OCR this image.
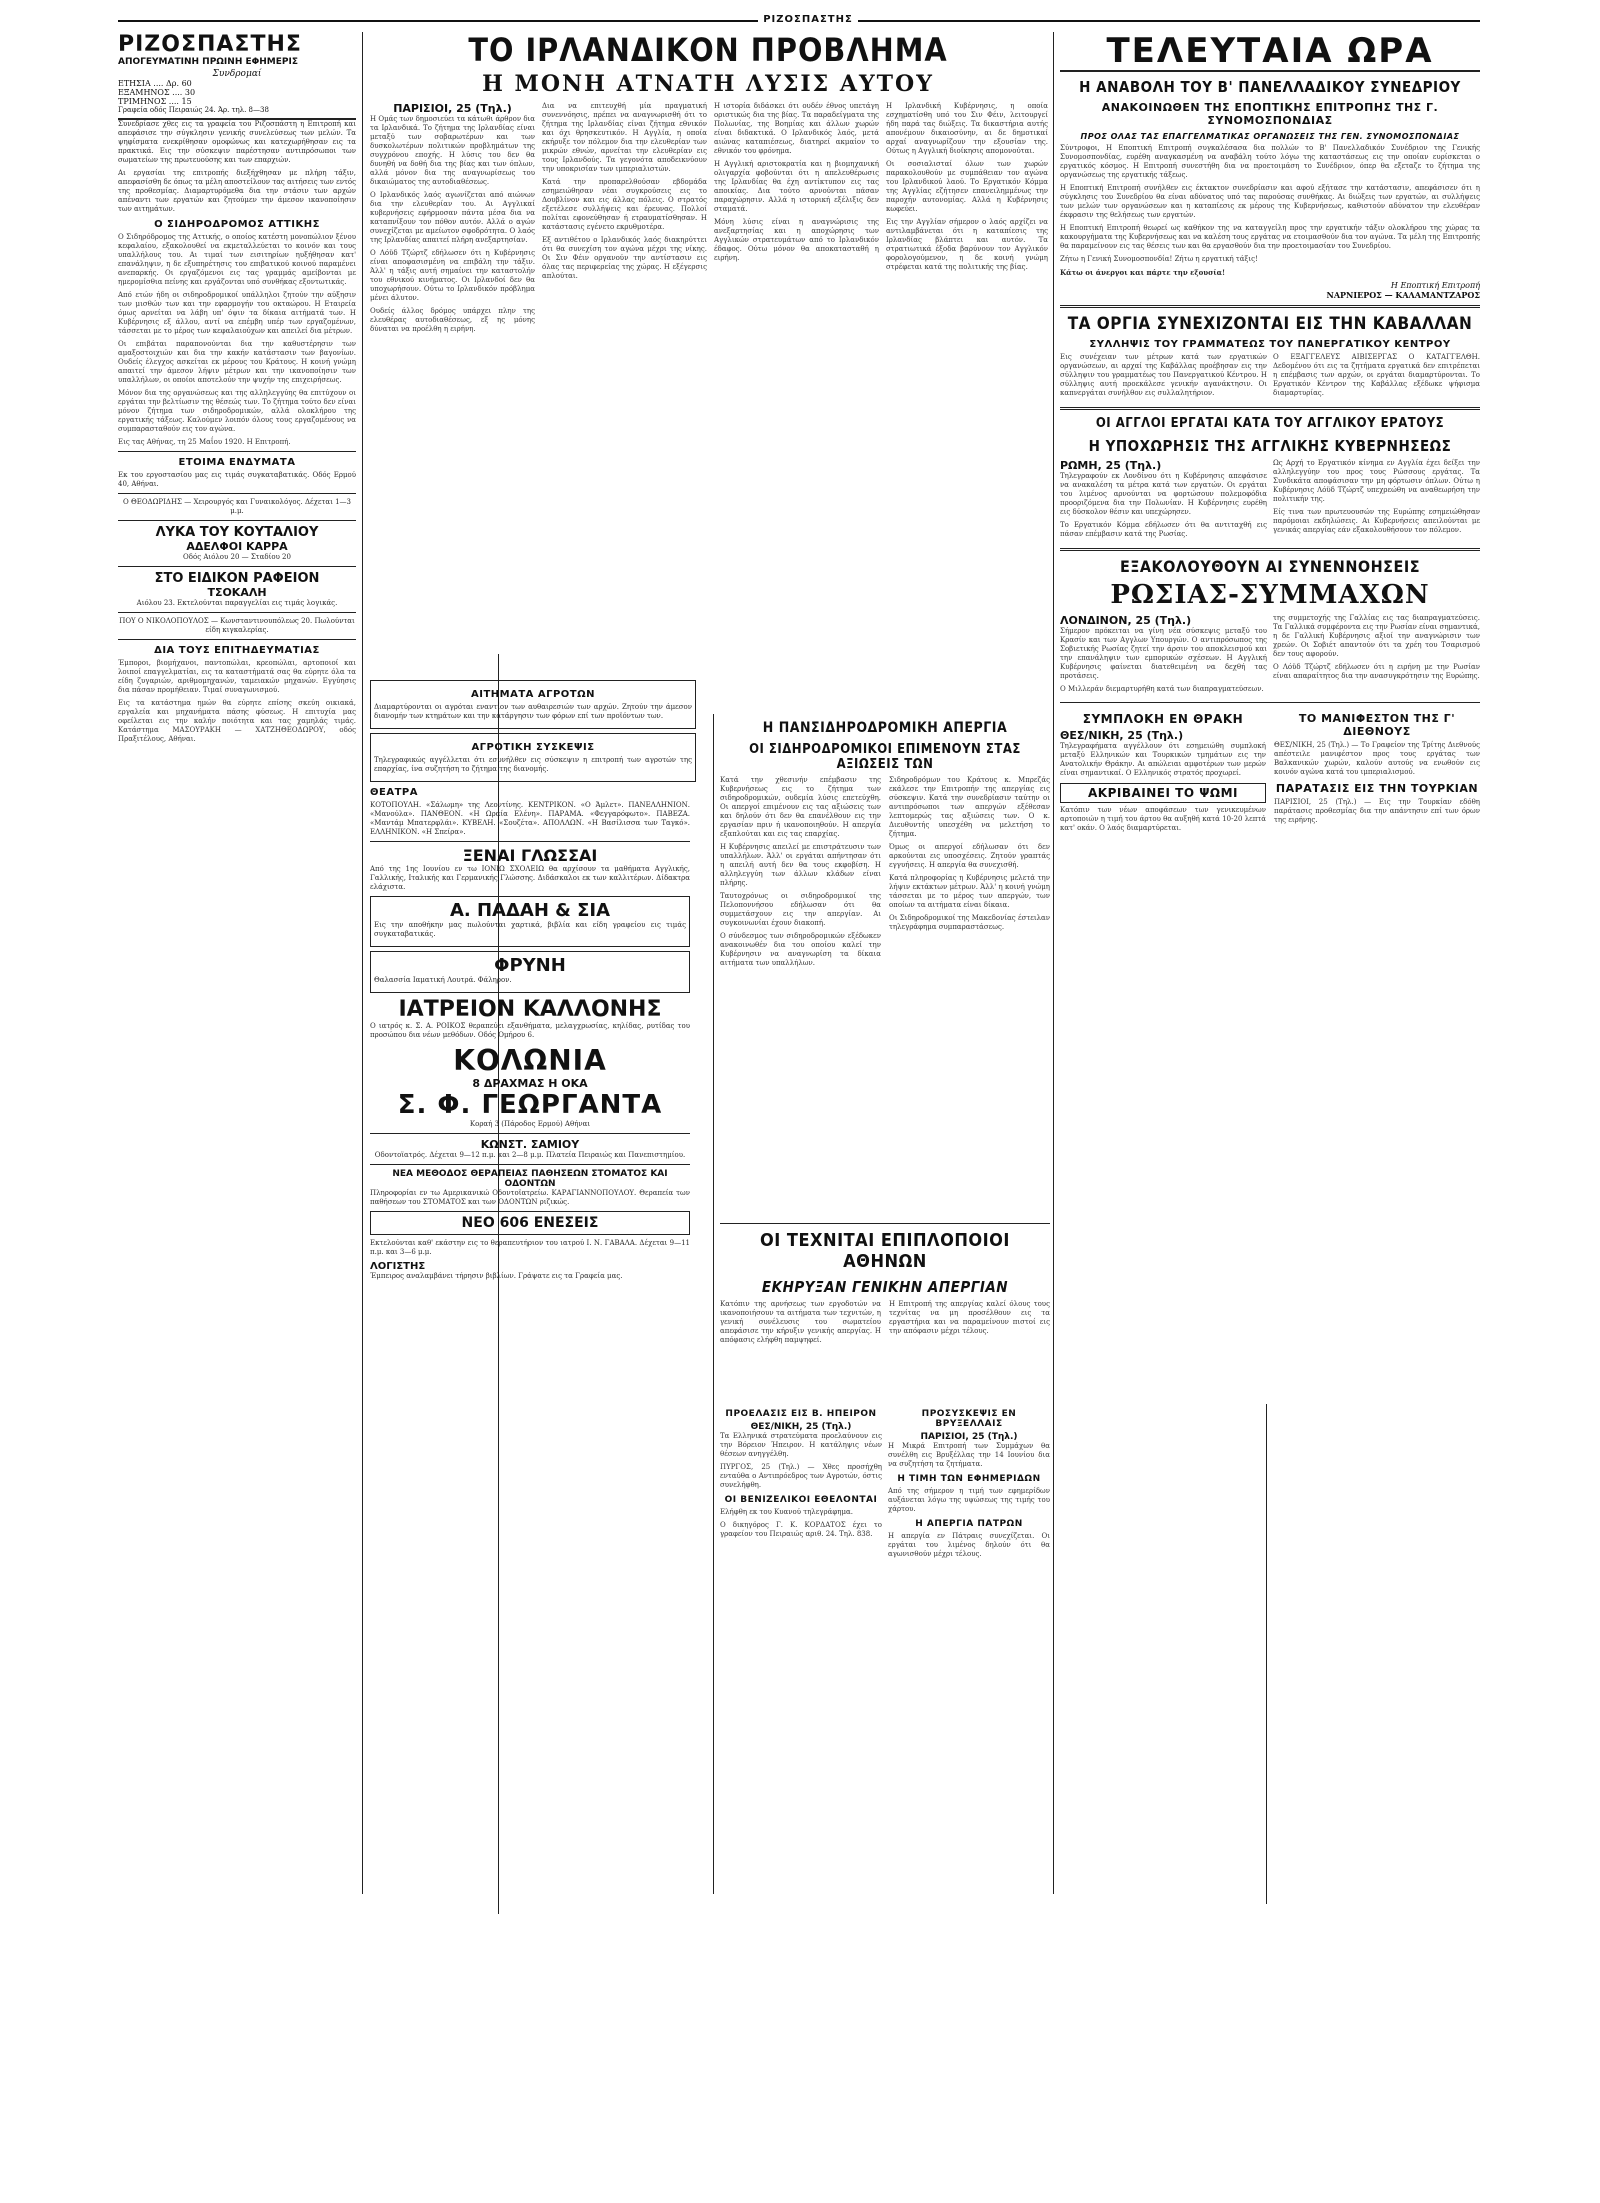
ΡΙΖΟΣΠΑΣΤΗΣ
ΡΙΖΟΣΠΑΣΤΗΣ
ΑΠΟΓΕΥΜΑΤΙΝΗ ΠΡΩΙΝΗ ΕΦΗΜΕΡΙΣ
Συνδρομαί
ΕΤΗΣΙΑ .... Δρ. 60
ΕΞΑΜΗΝΟΣ .... 30
ΤΡΙΜΗΝΟΣ .... 15
Γραφεία οδός Πειραιώς 24. Άρ. τηλ. 8—38

Συνεδρίασε χθες εις τα γραφεία του Ριζοσπάστη η Επιτροπή και απεφάσισε την σύγκλησιν γενικής συνελεύσεως των μελών. Τα ψηφίσματα ενεκρίθησαν ομοφώνως και κατεχωρήθησαν εις τα πρακτικά. Εις την σύσκεψιν παρέστησαν αντιπρόσωποι των σωματείων της πρωτευούσης και των επαρχιών.

Αι εργασίαι της επιτροπής διεξήχθησαν με πλήρη τάξιν, απεφασίσθη δε όπως τα μέλη αποστείλουν τας αιτήσεις των εντός της προθεσμίας. Διαμαρτυρόμεθα δια την στάσιν των αρχών απέναντι των εργατών και ζητούμεν την άμεσον ικανοποίησιν των αιτημάτων.

Ο ΣΙΔΗΡΟΔΡΟΜΟΣ ΑΤΤΙΚΗΣ

Ο Σιδηρόδρομος της Αττικής, ο οποίος κατέστη μονοπώλιον ξένου κεφαλαίου, εξακολουθεί να εκμεταλλεύεται το κοινόν και τους υπαλλήλους του. Αι τιμαί των εισιτηρίων ηυξήθησαν κατ' επανάληψιν, η δε εξυπηρέτησις του επιβατικού κοινού παραμένει ανεπαρκής. Οι εργαζόμενοι εις τας γραμμάς αμείβονται με ημερομίσθια πείνης και εργάζονται υπό συνθήκας εξοντωτικάς.

Από ετών ήδη οι σιδηροδρομικοί υπάλληλοι ζητούν την αύξησιν των μισθών των και την εφαρμογήν του οκταώρου. Η Εταιρεία όμως αρνείται να λάβη υπ' όψιν τα δίκαια αιτήματά των. Η Κυβέρνησις εξ άλλου, αντί να επέμβη υπέρ των εργαζομένων, τάσσεται με το μέρος των κεφαλαιούχων και απειλεί δια μέτρων.

Οι επιβάται παραπονούνται δια την καθυστέρησιν των αμαξοστοιχιών και δια την κακήν κατάστασιν των βαγονίων. Ουδείς έλεγχος ασκείται εκ μέρους του Κράτους. Η κοινή γνώμη απαιτεί την άμεσον λήψιν μέτρων και την ικανοποίησιν των υπαλλήλων, οι οποίοι αποτελούν την ψυχήν της επιχειρήσεως.

Μόνον δια της οργανώσεως και της αλληλεγγύης θα επιτύχουν οι εργάται την βελτίωσιν της θέσεώς των. Το ζήτημα τούτο δεν είναι μόνον ζήτημα των σιδηροδρομικών, αλλά ολοκλήρου της εργατικής τάξεως. Καλούμεν λοιπόν όλους τους εργαζομένους να συμπαρασταθούν εις τον αγώνα.

Εις τας Αθήνας, τη 25 Μαΐου 1920. Η Επιτροπή.

ΕΤΟΙΜΑ ΕΝΔΥΜΑΤΑ

Εκ του εργοστασίου μας εις τιμάς συγκαταβατικάς. Οδός Ερμού 40, Αθήναι.

Ο ΘΕΟΔΩΡΙΔΗΣ — Χειρουργός και Γυναικολόγος. Δέχεται 1—3 μ.μ.

ΛΥΚΑ ΤΟΥ ΚΟΥΤΑΛΙΟΥ
ΑΔΕΛΦΟΙ ΚΑΡΡΑ

Οδός Αιόλου 20 — Σταδίου 20

ΣΤΟ ΕΙΔΙΚΟΝ ΡΑΦΕΙΟΝ
ΤΣΟΚΑΛΗ

Αιόλου 23. Εκτελούνται παραγγελίαι εις τιμάς λογικάς.

ΠΟΥ Ο ΝΙΚΟΛΟΠΟΥΛΟΣ — Κωνσταντινουπόλεως 20. Πωλούνται είδη κιγκαλερίας.

ΔΙΑ ΤΟΥΣ ΕΠΙΤΗΔΕΥΜΑΤΙΑΣ

Έμποροι, βιομήχανοι, παντοπώλαι, κρεοπώλαι, αρτοποιοί και λοιποί επαγγελματίαι, εις τα καταστήματά σας θα εύρητε όλα τα είδη ζυγαριών, αριθμομηχανών, ταμειακών μηχανών. Εγγύησις δια πάσαν προμήθειαν. Τιμαί συναγωνισμού.

Εις τα κατάστημα ημών θα εύρητε επίσης σκεύη οικιακά, εργαλεία και μηχανήματα πάσης φύσεως. Η επιτυχία μας οφείλεται εις την καλήν ποιότητα και τας χαμηλάς τιμάς. Κατάστημα ΜΑΣΟΥΡΑΚΗ — ΧΑΤΖΗΘΕΟΔΩΡΟΥ, οδός Πραξιτέλους, Αθήναι.

ΤΟ ΙΡΛΑΝΔΙΚΟΝ ΠΡΟΒΛΗΜΑ
Η ΜΟΝΗ ΑΤΝΑΤΗ ΛΥΣΙΣ ΑΥΤΟΥ
ΠΑΡΙΣΙΟΙ, 25 (Τηλ.)

Η Ομάς των δημοσιεύει τα κάτωθι άρθρον δια τα Ιρλανδικά. Το ζήτημα της Ιρλανδίας είναι μεταξύ των σοβαρωτέρων και των δυσκολωτέρων πολιτικών προβλημάτων της συγχρόνου εποχής. Η λύσις του δεν θα δυνηθή να δοθή δια της βίας και των όπλων, αλλά μόνον δια της αναγνωρίσεως του δικαιώματος της αυτοδιαθέσεως.

Ο Ιρλανδικός λαός αγωνίζεται από αιώνων δια την ελευθερίαν του. Αι Αγγλικαί κυβερνήσεις εφήρμοσαν πάντα μέσα δια να καταπνίξουν τον πόθον αυτόν. Αλλά ο αγών συνεχίζεται με αμείωτον σφοδρότητα. Ο λαός της Ιρλανδίας απαιτεί πλήρη ανεξαρτησίαν.

Ο Λόϋδ Τζώρτζ εδήλωσεν ότι η Κυβέρνησις είναι αποφασισμένη να επιβάλη την τάξιν. Άλλ' η τάξις αυτή σημαίνει την καταστολήν του εθνικού κινήματος. Οι Ιρλανδοί δεν θα υποχωρήσουν. Ούτω το Ιρλανδικόν πρόβλημα μένει άλυτον.

Ουδείς άλλος δρόμος υπάρχει πλην της ελευθέρας αυτοδιαθέσεως, εξ ης μόνης δύναται να προέλθη η ειρήνη.

Δια να επιτευχθή μία πραγματική συνεννόησις, πρέπει να αναγνωρισθή ότι το ζήτημα της Ιρλανδίας είναι ζήτημα εθνικόν και όχι θρησκευτικόν. Η Αγγλία, η οποία εκήρυξε τον πόλεμον δια την ελευθερίαν των μικρών εθνών, αρνείται την ελευθερίαν εις τους Ιρλανδούς. Τα γεγονότα αποδεικνύουν την υποκρισίαν των ιμπεριαλιστών.

Κατά την προπαρελθούσαν εβδομάδα εσημειώθησαν νέαι συγκρούσεις εις το Δουβλίνον και εις άλλας πόλεις. Ο στρατός εξετέλεσε συλλήψεις και έρευνας. Πολλοί πολίται εφονεύθησαν ή ετραυματίσθησαν. Η κατάστασις εγένετο εκρυθμοτέρα.

Εξ αντιθέτου ο Ιρλανδικός λαός διακηρύττει ότι θα συνεχίση τον αγώνα μέχρι της νίκης. Οι Σιν Φέιν οργανούν την αντίστασιν εις όλας τας περιφερείας της χώρας. Η εξέγερσις απλούται.

Η ιστορία διδάσκει ότι ουδέν έθνος υπετάγη οριστικώς δια της βίας. Τα παραδείγματα της Πολωνίας, της Βοημίας και άλλων χωρών είναι διδακτικά. Ο Ιρλανδικός λαός, μετά αιώνας καταπιέσεως, διατηρεί ακμαίον το εθνικόν του φρόνημα.

Η Αγγλική αριστοκρατία και η βιομηχανική ολιγαρχία φοβούνται ότι η απελευθέρωσις της Ιρλανδίας θα έχη αντίκτυπον εις τας αποικίας. Δια τούτο αρνούνται πάσαν παραχώρησιν. Αλλά η ιστορική εξέλιξις δεν σταματά.

Μόνη λύσις είναι η αναγνώρισις της ανεξαρτησίας και η αποχώρησις των Αγγλικών στρατευμάτων από το Ιρλανδικόν έδαφος. Ούτω μόνον θα αποκατασταθή η ειρήνη.

Η Ιρλανδική Κυβέρνησις, η οποία εσχηματίσθη υπό του Σιν Φέιν, λειτουργεί ήδη παρά τας διώξεις. Τα δικαστήρια αυτής απονέμουν δικαιοσύνην, αι δε δημοτικαί αρχαί αναγνωρίζουν την εξουσίαν της. Ούτως η Αγγλική διοίκησις απομονούται.

Οι σοσιαλισταί όλων των χωρών παρακολουθούν με συμπάθειαν τον αγώνα του Ιρλανδικού λαού. Το Εργατικόν Κόμμα της Αγγλίας εζήτησεν επανειλημμένως την παροχήν αυτονομίας. Αλλά η Κυβέρνησις κωφεύει.

Εις την Αγγλίαν σήμερον ο λαός αρχίζει να αντιλαμβάνεται ότι η καταπίεσις της Ιρλανδίας βλάπτει και αυτόν. Τα στρατιωτικά έξοδα βαρύνουν τον Αγγλικόν φορολογούμενον, η δε κοινή γνώμη στρέφεται κατά της πολιτικής της βίας.

ΑΙΤΗΜΑΤΑ ΑΓΡΟΤΩΝ

Διαμαρτύρονται οι αγρόται εναντίον των αυθαιρεσιών των αρχών. Ζητούν την άμεσον διανομήν των κτημάτων και την κατάργησιν των φόρων επί των προϊόντων των.

ΑΓΡΟΤΙΚΗ ΣΥΣΚΕΨΙΣ

Τηλεγραφικώς αγγέλλεται ότι εσυνήλθεν εις σύσκεψιν η επιτροπή των αγροτών της επαρχίας, ίνα συζητήση το ζήτημα της διανομής.

ΘΕΑΤΡΑ

ΚΟΤΟΠΟΥΛΗ. «Σάλωμη» της Λεοντίνης. ΚΕΝΤΡΙΚΟΝ. «Ο Άμλετ». ΠΑΝΕΛΛΗΝΙΟΝ. «Μανούλα». ΠΑΝΘΕΟΝ. «Η Ωραία Ελένη». ΠΑΡΑΜΑ. «Φεγγαρόφωτο». ΠΑΒΕΖΑ. «Μαντάμ Μπατερφλάι». ΚΥΒΕΛΗ. «Σουζέτα». ΑΠΟΛΛΩΝ. «Η Βασίλισσα των Ταγκό». ΕΛΛΗΝΙΚΟΝ. «Η Σπείρα».

ΞΕΝΑΙ ΓΛΩΣΣΑΙ

Από της 1ης Ιουνίου εν τω ΙΟΝΙΩ ΣΧΟΛΕΙΩ θα αρχίσουν τα μαθήματα Αγγλικής, Γαλλικής, Ιταλικής και Γερμανικής Γλώσσης. Διδάσκαλοι εκ των καλλιτέρων. Δίδακτρα ελάχιστα.

Α. ΠΑΔΑΗ & ΣΙΑ

Εις την αποθήκην μας πωλούνται χαρτικά, βιβλία και είδη γραφείου εις τιμάς συγκαταβατικάς.

ΦΡΥΝΗ

Θαλασσία Ιαματική Λουτρά. Φάληρον.

ΙΑΤΡΕΙΟΝ ΚΑΛΛΟΝΗΣ

Ο ιατρός κ. Σ. Α. ΡΟΙΚΟΣ θεραπεύει εξανθήματα, μελαγχρωσίας, κηλίδας, ρυτίδας του προσώπου δια νέων μεθόδων. Οδός Ομήρου 6.

ΚΟΛΩΝΙΑ
8 ΔΡΑΧΜΑΣ Η ΟΚΑ
Σ. Φ. ΓΕΩΡΓΑΝΤΑ

Κοραή 3 (Πάροδος Ερμού) Αθήναι

ΚΩΝΣΤ. ΣΑΜΙΟΥ

Οδοντοϊατρός. Δέχεται 9—12 π.μ. και 2—8 μ.μ. Πλατεία Πειραιώς και Πανεπιστημίου.

ΝΕΑ ΜΕΘΟΔΟΣ ΘΕΡΑΠΕΙΑΣ ΠΑΘΗΣΕΩΝ ΣΤΟΜΑΤΟΣ ΚΑΙ ΟΔΟΝΤΩΝ

Πληροφορίαι εν τω Αμερικανικώ Οδοντοϊατρείω. ΚΑΡΑΓΙΑΝΝΟΠΟΥΛΟΥ. Θεραπεία των παθήσεων του ΣΤΟΜΑΤΟΣ και των ΟΔΟΝΤΩΝ ριζικώς.

ΝΕΟ 606 ΕΝΕΣΕΙΣ

Εκτελούνται καθ' εκάστην εις το θεραπευτήριον του ιατρού Ι. Ν. ΓΑΒΑΛΑ. Δέχεται 9—11 π.μ. και 3—6 μ.μ.

ΛΟΓΙΣΤΗΣ

Έμπειρος αναλαμβάνει τήρησιν βιβλίων. Γράψατε εις τα Γραφεία μας.

Η ΠΑΝΣΙΔΗΡΟΔΡΟΜΙΚΗ ΑΠΕΡΓΙΑ
ΟΙ ΣΙΔΗΡΟΔΡΟΜΙΚΟΙ ΕΠΙΜΕΝΟΥΝ ΣΤΑΣ ΑΞΙΩΣΕΙΣ ΤΩΝ

Κατά την χθεσινήν επέμβασιν της Κυβερνήσεως εις το ζήτημα των σιδηροδρομικών, ουδεμία λύσις επετεύχθη. Οι απεργοί επιμένουν εις τας αξιώσεις των και δηλούν ότι δεν θα επανέλθουν εις την εργασίαν πριν ή ικανοποιηθούν. Η απεργία εξαπλούται και εις τας επαρχίας.

Η Κυβέρνησις απειλεί με επιστράτευσιν των υπαλλήλων. Άλλ' οι εργάται απήντησαν ότι η απειλή αυτή δεν θα τους εκφοβίση. Η αλληλεγγύη των άλλων κλάδων είναι πλήρης.

Ταυτοχρόνως οι σιδηροδρομικοί της Πελοποννήσου εδήλωσαν ότι θα συμμετάσχουν εις την απεργίαν. Αι συγκοινωνίαι έχουν διακοπή.

Ο σύνδεσμος των σιδηροδρομικών εξέδωκεν ανακοινωθέν δια του οποίου καλεί την Κυβέρνησιν να αναγνωρίση τα δίκαια αιτήματα των υπαλλήλων.

Σιδηροδρόμων του Κράτους κ. Μπρεζάς εκάλεσε την Επιτροπήν της απεργίας εις σύσκεψιν. Κατά την συνεδρίασιν ταύτην οι αντιπρόσωποι των απεργών εξέθεσαν λεπτομερώς τας αξιώσεις των. Ο κ. Διευθυντής υπεσχέθη να μελετήση το ζήτημα.

Όμως οι απεργοί εδήλωσαν ότι δεν αρκούνται εις υποσχέσεις. Ζητούν γραπτάς εγγυήσεις. Η απεργία θα συνεχισθή.

Κατά πληροφορίας η Κυβέρνησις μελετά την λήψιν εκτάκτων μέτρων. Άλλ' η κοινή γνώμη τάσσεται με το μέρος των απεργών, των οποίων τα αιτήματα είναι δίκαια.

Οι Σιδηροδρομικοί της Μακεδονίας έστειλαν τηλεγράφημα συμπαραστάσεως.

ΟΙ ΤΕΧΝΙΤΑΙ ΕΠΙΠΛΟΠΟΙΟΙ ΑΘΗΝΩΝ
ΕΚΗΡΥΞΑΝ ΓΕΝΙΚΗΝ ΑΠΕΡΓΙΑΝ

Κατόπιν της αρνήσεως των εργοδοτών να ικανοποιήσουν τα αιτήματα των τεχνιτών, η γενική συνέλευσις του σωματείου απεφάσισε την κήρυξιν γενικής απεργίας. Η απόφασις ελήφθη παμψηφεί.

Η Επιτροπή της απεργίας καλεί όλους τους τεχνίτας να μη προσέλθουν εις τα εργαστήρια και να παραμείνουν πιστοί εις την απόφασιν μέχρι τέλους.

ΠΡΟΕΛΑΣΙΣ ΕΙΣ Β. ΗΠΕΙΡΟΝ
ΘΕΣ/ΝΙΚΗ, 25 (Τηλ.)

Τα Ελληνικά στρατεύματα προελαύνουν εις την Βόρειον Ήπειρον. Η κατάληψις νέων θέσεων ανηγγέλθη.

ΠΥΡΓΟΣ, 25 (Τηλ.) — Χθες προσήχθη ενταύθα ο Αντιπρόεδρος των Αγροτών, όστις συνελήφθη.

ΟΙ ΒΕΝΙΖΕΛΙΚΟΙ ΕΘΕΛΟΝΤΑΙ

Ελήφθη εκ του Κυανού τηλεγράφημα.

Ο δικηγόρος Γ. Κ. ΚΟΡΔΑΤΟΣ έχει το γραφείον του Πειραιώς αριθ. 24. Τηλ. 838.

ΠΡΟΣΥΣΚΕΨΙΣ ΕΝ ΒΡΥΞΕΛΛΑΙΣ
ΠΑΡΙΣΙΟΙ, 25 (Τηλ.)

Η Μικρά Επιτροπή των Συμμάχων θα συνέλθη εις Βρυξέλλας την 14 Ιουνίου δια να συζητήση τα ζητήματα.

Η ΤΙΜΗ ΤΩΝ ΕΦΗΜΕΡΙΔΩΝ

Από της σήμερον η τιμή των εφημερίδων αυξάνεται λόγω της υψώσεως της τιμής του χάρτου.

Η ΑΠΕΡΓΙΑ ΠΑΤΡΩΝ

Η απεργία εν Πάτραις συνεχίζεται. Οι εργάται του λιμένος δηλούν ότι θα αγωνισθούν μέχρι τέλους.

ΤΕΛΕΥΤΑΙΑ ΩΡΑ
Η ΑΝΑΒΟΛΗ ΤΟΥ Β' ΠΑΝΕΛΛΑΔΙΚΟΥ ΣΥΝΕΔΡΙΟΥ
ΑΝΑΚΟΙΝΩΘΕΝ ΤΗΣ ΕΠΟΠΤΙΚΗΣ ΕΠΙΤΡΟΠΗΣ ΤΗΣ Γ. ΣΥΝΟΜΟΣΠΟΝΔΙΑΣ
ΠΡΟΣ ΟΛΑΣ ΤΑΣ ΕΠΑΓΓΕΛΜΑΤΙΚΑΣ ΟΡΓΑΝΩΣΕΙΣ ΤΗΣ ΓΕΝ. ΣΥΝΟΜΟΣΠΟΝΔΙΑΣ

Σύντροφοι, Η Εποπτική Επιτροπή συγκαλέσασα δια πολλών το Β' Πανελλαδικόν Συνέδριον της Γενικής Συνομοσπονδίας, ευρέθη αναγκασμένη να αναβάλη τούτο λόγω της καταστάσεως εις την οποίαν ευρίσκεται ο εργατικός κόσμος. Η Επιτροπή συνεστήθη δια να προετοιμάση το Συνέδριον, όπερ θα εξεταζε το ζήτημα της οργανώσεως της εργατικής τάξεως.

Η Εποπτική Επιτροπή συνήλθεν εις έκτακτον συνεδρίασιν και αφού εξήτασε την κατάστασιν, απεφάσισεν ότι η σύγκλησις του Συνεδρίου θα είναι αδύνατος υπό τας παρούσας συνθήκας. Αι διώξεις των εργατών, αι συλλήψεις των μελών των οργανώσεων και η καταπίεσις εκ μέρους της Κυβερνήσεως, καθιστούν αδύνατον την ελευθέραν έκφρασιν της θελήσεως των εργατών.

Η Εποπτική Επιτροπή θεωρεί ως καθήκον της να καταγγείλη προς την εργατικήν τάξιν ολοκλήρου της χώρας τα κακουργήματα της Κυβερνήσεως και να καλέση τους εργάτας να ετοιμασθούν δια τον αγώνα. Τα μέλη της Επιτροπής θα παραμείνουν εις τας θέσεις των και θα εργασθούν δια την προετοιμασίαν του Συνεδρίου.

Ζήτω η Γενική Συνομοσπονδία! Ζήτω η εργατική τάξις!

Κάτω οι άνεργοι και πάρτε την εξουσία!

Η Εποπτική Επιτροπή
ΝΑΡΝΙΕΡΟΣ — ΚΑΛΑΜΑΝΤΖΑΡΟΣ
ΤΑ ΟΡΓΙΑ ΣΥΝΕΧΙΖΟΝΤΑΙ ΕΙΣ ΤΗΝ ΚΑΒΑΛΛΑΝ
ΣΥΛΛΗΨΙΣ ΤΟΥ ΓΡΑΜΜΑΤΕΩΣ ΤΟΥ ΠΑΝΕΡΓΑΤΙΚΟΥ ΚΕΝΤΡΟΥ

Εις συνέχειαν των μέτρων κατά των εργατικών οργανώσεων, αι αρχαί της Καβάλλας προέβησαν εις την σύλληψιν του γραμματέως του Πανεργατικού Κέντρου. Η σύλληψις αυτή προεκάλεσε γενικήν αγανάκτησιν. Οι καπνεργάται συνήλθον εις συλλαλητήριον.

Ο ΕΞΑΓΓΕΛΕΥΣ ΑΙΒΙΣΕΡΓΑΣ Ο ΚΑΤΑΓΓΕΛΘΗ. Δεδομένου ότι εις τα ζητήματα εργατικά δεν επιτρέπεται η επέμβασις των αρχών, οι εργάται διαμαρτύρονται. Το Εργατικόν Κέντρον της Καβάλλας εξέδωκε ψήφισμα διαμαρτυρίας.

ΟΙ ΑΓΓΛΟΙ ΕΡΓΑΤΑΙ ΚΑΤΑ ΤΟΥ ΑΓΓΛΙΚΟΥ ΕΡΑΤΟΥΣ
Η ΥΠΟΧΩΡΗΣΙΣ ΤΗΣ ΑΓΓΛΙΚΗΣ ΚΥΒΕΡΝΗΣΕΩΣ
ΡΩΜΗ, 25 (Τηλ.)

Τηλεγραφούν εκ Λονδίνου ότι η Κυβέρνησις απεφάσισε να ανακαλέση τα μέτρα κατά των εργατών. Οι εργάται του λιμένος αρνούνται να φορτώσουν πολεμοφόδια προοριζόμενα δια την Πολωνίαν. Η Κυβέρνησις ευρέθη εις δύσκολον θέσιν και υπεχώρησεν.

Το Εργατικόν Κόμμα εδήλωσεν ότι θα αντιταχθή εις πάσαν επέμβασιν κατά της Ρωσίας.

Ως Αρχή το Εργατικόν κίνημα εν Αγγλία έχει δείξει την αλληλεγγύην του προς τους Ρώσσους εργάτας. Τα Συνδικάτα αποφάσισαν την μη φόρτωσιν όπλων. Ούτω η Κυβέρνησις Λόϋδ Τζώρτζ υπεχρεώθη να αναθεωρήση την πολιτικήν της.

Είς τινα των πρωτευουσών της Ευρώπης εσημειώθησαν παρόμοιαι εκδηλώσεις. Αι Κυβερνήσεις απειλούνται με γενικάς απεργίας εάν εξακολουθήσουν τον πόλεμον.

ΕΞΑΚΟΛΟΥΘΟΥΝ ΑΙ ΣΥΝΕΝΝΟΗΣΕΙΣ
ΡΩΣΙΑΣ-ΣΥΜΜΑΧΩΝ
ΛΟΝΔΙΝΟΝ, 25 (Τηλ.)

Σήμερον πρόκειται να γίνη νέα σύσκεψις μεταξύ του Κρασίν και των Αγγλων Υπουργών. Ο αντιπρόσωπος της Σοβιετικής Ρωσίας ζητεί την άρσιν του αποκλεισμού και την επανάληψιν των εμπορικών σχέσεων. Η Αγγλική Κυβέρνησις φαίνεται διατεθειμένη να δεχθή τας προτάσεις.

Ο Μιλλεράν διεμαρτυρήθη κατά των διαπραγματεύσεων.

της συμμετοχής της Γαλλίας εις τας διαπραγματεύσεις. Τα Γαλλικά συμφέροντα εις την Ρωσίαν είναι σημαντικά, η δε Γαλλική Κυβέρνησις αξιοί την αναγνώρισιν των χρεών. Οι Σοβιέτ απαντούν ότι τα χρέη του Τσαρισμού δεν τους αφορούν.

Ο Λόϋδ Τζώρτζ εδήλωσεν ότι η ειρήνη με την Ρωσίαν είναι απαραίτητος δια την ανασυγκρότησιν της Ευρώπης.

ΣΥΜΠΛΟΚΗ ΕΝ ΘΡΑΚΗ
ΘΕΣ/ΝΙΚΗ, 25 (Τηλ.)

Τηλεγραφήματα αγγέλλουν ότι εσημειώθη συμπλοκή μεταξύ Ελληνικών και Τουρκικών τμημάτων εις την Ανατολικήν Θράκην. Αι απώλειαι αμφοτέρων των μερών είναι σημαντικαί. Ο Ελληνικός στρατός προχωρεί.

ΑΚΡΙΒΑΙΝΕΙ ΤΟ ΨΩΜΙ

Κατόπιν των νέων αποφάσεων των γενικευμένων αρτοποιών η τιμή του άρτου θα αυξηθή κατά 10-20 λεπτά κατ' οκάν. Ο λαός διαμαρτύρεται.

ΤΟ ΜΑΝΙΦΕΣΤΟΝ ΤΗΣ Γ' ΔΙΕΘΝΟΥΣ

ΘΕΣ/ΝΙΚΗ, 25 (Τηλ.) — Το Γραφείον της Τρίτης Διεθνούς απέστειλε μανιφέστον προς τους εργάτας των Βαλκανικών χωρών, καλούν αυτούς να ενωθούν εις κοινόν αγώνα κατά του ιμπεριαλισμού.

ΠΑΡΑΤΑΣΙΣ ΕΙΣ ΤΗΝ ΤΟΥΡΚΙΑΝ

ΠΑΡΙΣΙΟΙ, 25 (Τηλ.) — Εις την Τουρκίαν εδόθη παράτασις προθεσμίας δια την απάντησιν επί των όρων της ειρήνης.
